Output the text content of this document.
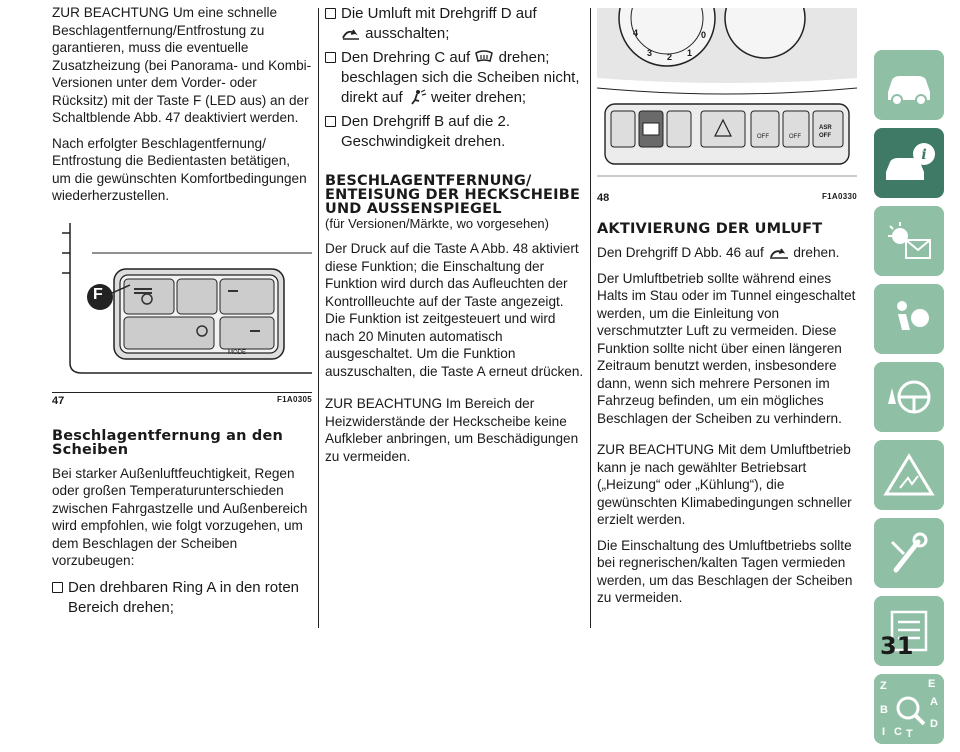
ZUR BEACHTUNG Um eine schnelle Beschlagentfernung/Entfrostung zu garantieren, muss die eventuelle Zusatzheizung (bei Panorama- und Kombi-Versionen unter dem Vorder- oder Rücksitz) mit der Taste F (LED aus) an der Schaltblende Abb. 47 deaktiviert werden.

Nach erfolgter Beschlagentfernung/ Entfrostung die Bedientasten betätigen, um die gewünschten Komfortbedingungen wiederherzustellen.

F
MODE
47	F1A0305
Beschlagentfernung an den Scheiben

Bei starker Außenluftfeuchtigkeit, Regen oder großen Temperaturunterschieden zwischen Fahrgastzelle und Außenbereich wird empfohlen, wie folgt vorzugehen, um dem Beschlagen der Scheiben vorzubeugen:

Den drehbaren Ring A in den roten Bereich drehen;
Die Umluft mit Drehgriff D auf
ausschalten;
Den Drehring C auf drehen; beschlagen sich die Scheiben nicht, direkt auf weiter drehen;
Den Drehgriff B auf die 2. Geschwindigkeit drehen.
BESCHLAGENTFERNUNG/ ENTEISUNG DER HECKSCHEIBE UND AUSSENSPIEGEL
(für Versionen/Märkte, wo vorgesehen)

Der Druck auf die Taste A Abb. 48 aktiviert diese Funktion; die Einschaltung der Funktion wird durch das Aufleuchten der Kontrollleuchte auf der Taste angezeigt. Die Funktion ist zeitgesteuert und wird nach 20 Minuten automatisch ausgeschaltet. Um die Funktion auszuschalten, die Taste A erneut drücken.

ZUR BEACHTUNG Im Bereich der Heizwiderstände der Heckscheibe keine Aufkleber anbringen, um Beschädigungen zu vermeiden.

4
3 2 1
0
OFF	OFF
ASR
OFF
48	F1A0330
AKTIVIERUNG DER UMLUFT

Den Drehgriff D Abb. 46 auf drehen.

Der Umluftbetrieb sollte während eines Halts im Stau oder im Tunnel eingeschaltet werden, um die Einleitung von verschmutzter Luft zu vermeiden. Diese Funktion sollte nicht über einen längeren Zeitraum benutzt werden, insbesondere dann, wenn sich mehrere Personen im Fahrzeug befinden, um ein mögliches Beschlagen der Scheiben zu verhindern.

ZUR BEACHTUNG Mit dem Umluftbetrieb kann je nach gewählter Betriebsart („Heizung“ oder „Kühlung“), die gewünschten Klimabedingungen schneller erzielt werden.

Die Einschaltung des Umluftbetriebs sollte bei regnerischen/kalten Tagen vermieden werden, um das Beschlagen der Scheiben zu vermeiden.

i
Z	E
B
A
C
D
I T
31
